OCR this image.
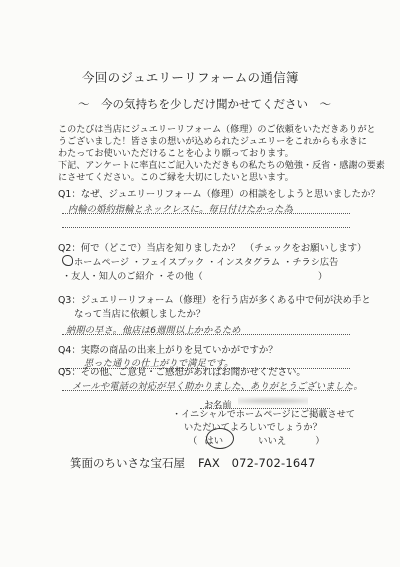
今回のジュエリーリフォームの通信簿
〜　今の気持ちを少しだけ聞かせてください　〜
このたびは当店にジュエリーリフォーム（修理）のご依頼をいただきありがと
うございました！皆さまの想いが込められたジュエリーをこれからも永きに
わたってお使いいただけることを心より願っております。
下記、アンケートに率直にご記入いただきもの私たちの勉強・反省・感謝の要素
にさせてください。このご縁を大切にしたいと思います。
Q1：なぜ、ジュエリーリフォーム（修理）の相談をしようと思いましたか？
内輪の婚約指輪とネックレスに。毎日付けたかった為
Q2：何で（どこで）当店を知りましたか？　（チェックをお願いします）
ホームページ ・フェイスブック ・インスタグラム ・チラシ広告
・友人・知人のご紹介 ・その他（	）
Q3：ジュエリーリフォーム（修理）を行う店が多くある中で何が決め手と
なって当店に依頼しましたか？
納期の早さ。他店は6週間以上かかるため
Q4：実際の商品の出来上がりを見ていかがですか？
思った通りの仕上がりで満足です。
Q5：その他、ご意見・ご感想があればお聞かせください。
メールや電話の対応が早く助かりました、ありがとうございました。
お名前
・イニシャルでホームページにご掲載させて
いただいてよろしいでしょうか？
（ はい	いいえ	）
箕面のちいさな宝石屋 FAX　072-702-1647
